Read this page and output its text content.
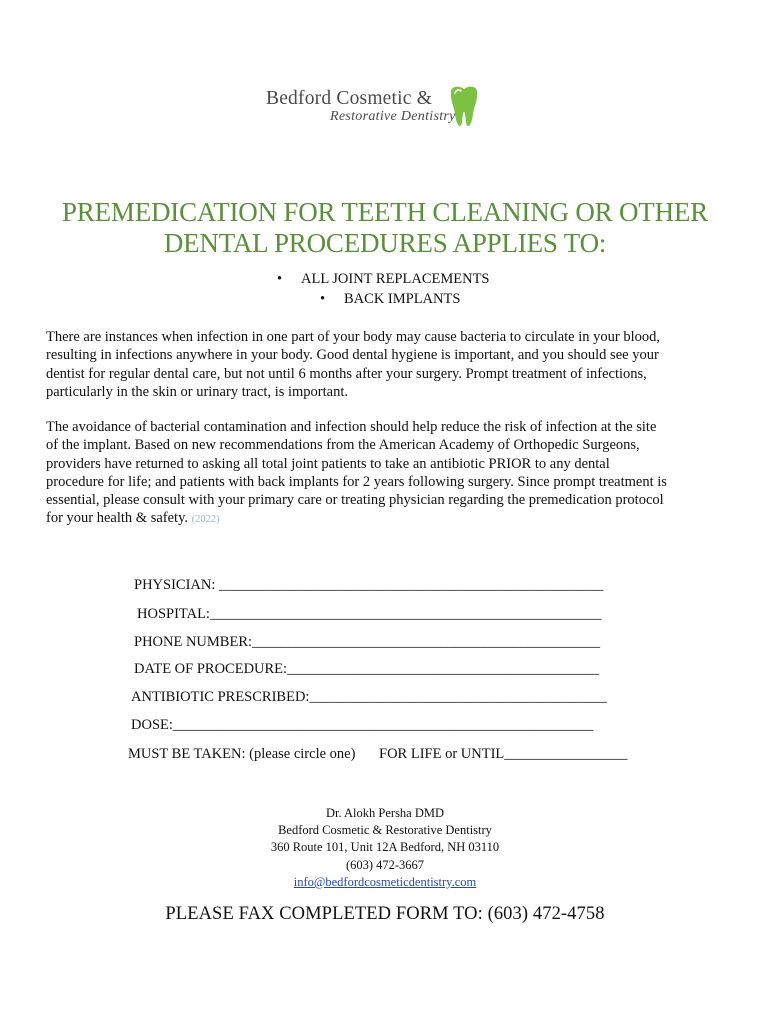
Bedford Cosmetic &
Restorative Dentistry
PREMEDICATION FOR TEETH CLEANING OR OTHER
DENTAL PROCEDURES APPLIES TO:
• ALL JOINT REPLACEMENTS
• BACK IMPLANTS

There are instances when infection in one part of your body may cause bacteria to circulate in your blood,
resulting in infections anywhere in your body. Good dental hygiene is important, and you should see your
dentist for regular dental care, but not until 6 months after your surgery. Prompt treatment of infections,
particularly in the skin or urinary tract, is important.

The avoidance of bacterial contamination and infection should help reduce the risk of infection at the site
of the implant. Based on new recommendations from the American Academy of Orthopedic Surgeons,
providers have returned to asking all total joint patients to take an antibiotic PRIOR to any dental
procedure for life; and patients with back implants for 2 years following surgery. Since prompt treatment is
essential, please consult with your primary care or treating physician regarding the premedication protocol
for your health & safety. (2022)

PHYSICIAN: _____________________________________________________
HOSPITAL:______________________________________________________
PHONE NUMBER:________________________________________________
DATE OF PROCEDURE:___________________________________________
ANTIBIOTIC PRESCRIBED:_________________________________________
DOSE:__________________________________________________________
MUST BE TAKEN: (please circle one) FOR LIFE or UNTIL_________________
Dr. Alokh Persha DMD
Bedford Cosmetic & Restorative Dentistry
360 Route 101, Unit 12A Bedford, NH 03110
(603) 472-3667
info@bedfordcosmeticdentistry.com
PLEASE FAX COMPLETED FORM TO: (603) 472-4758
